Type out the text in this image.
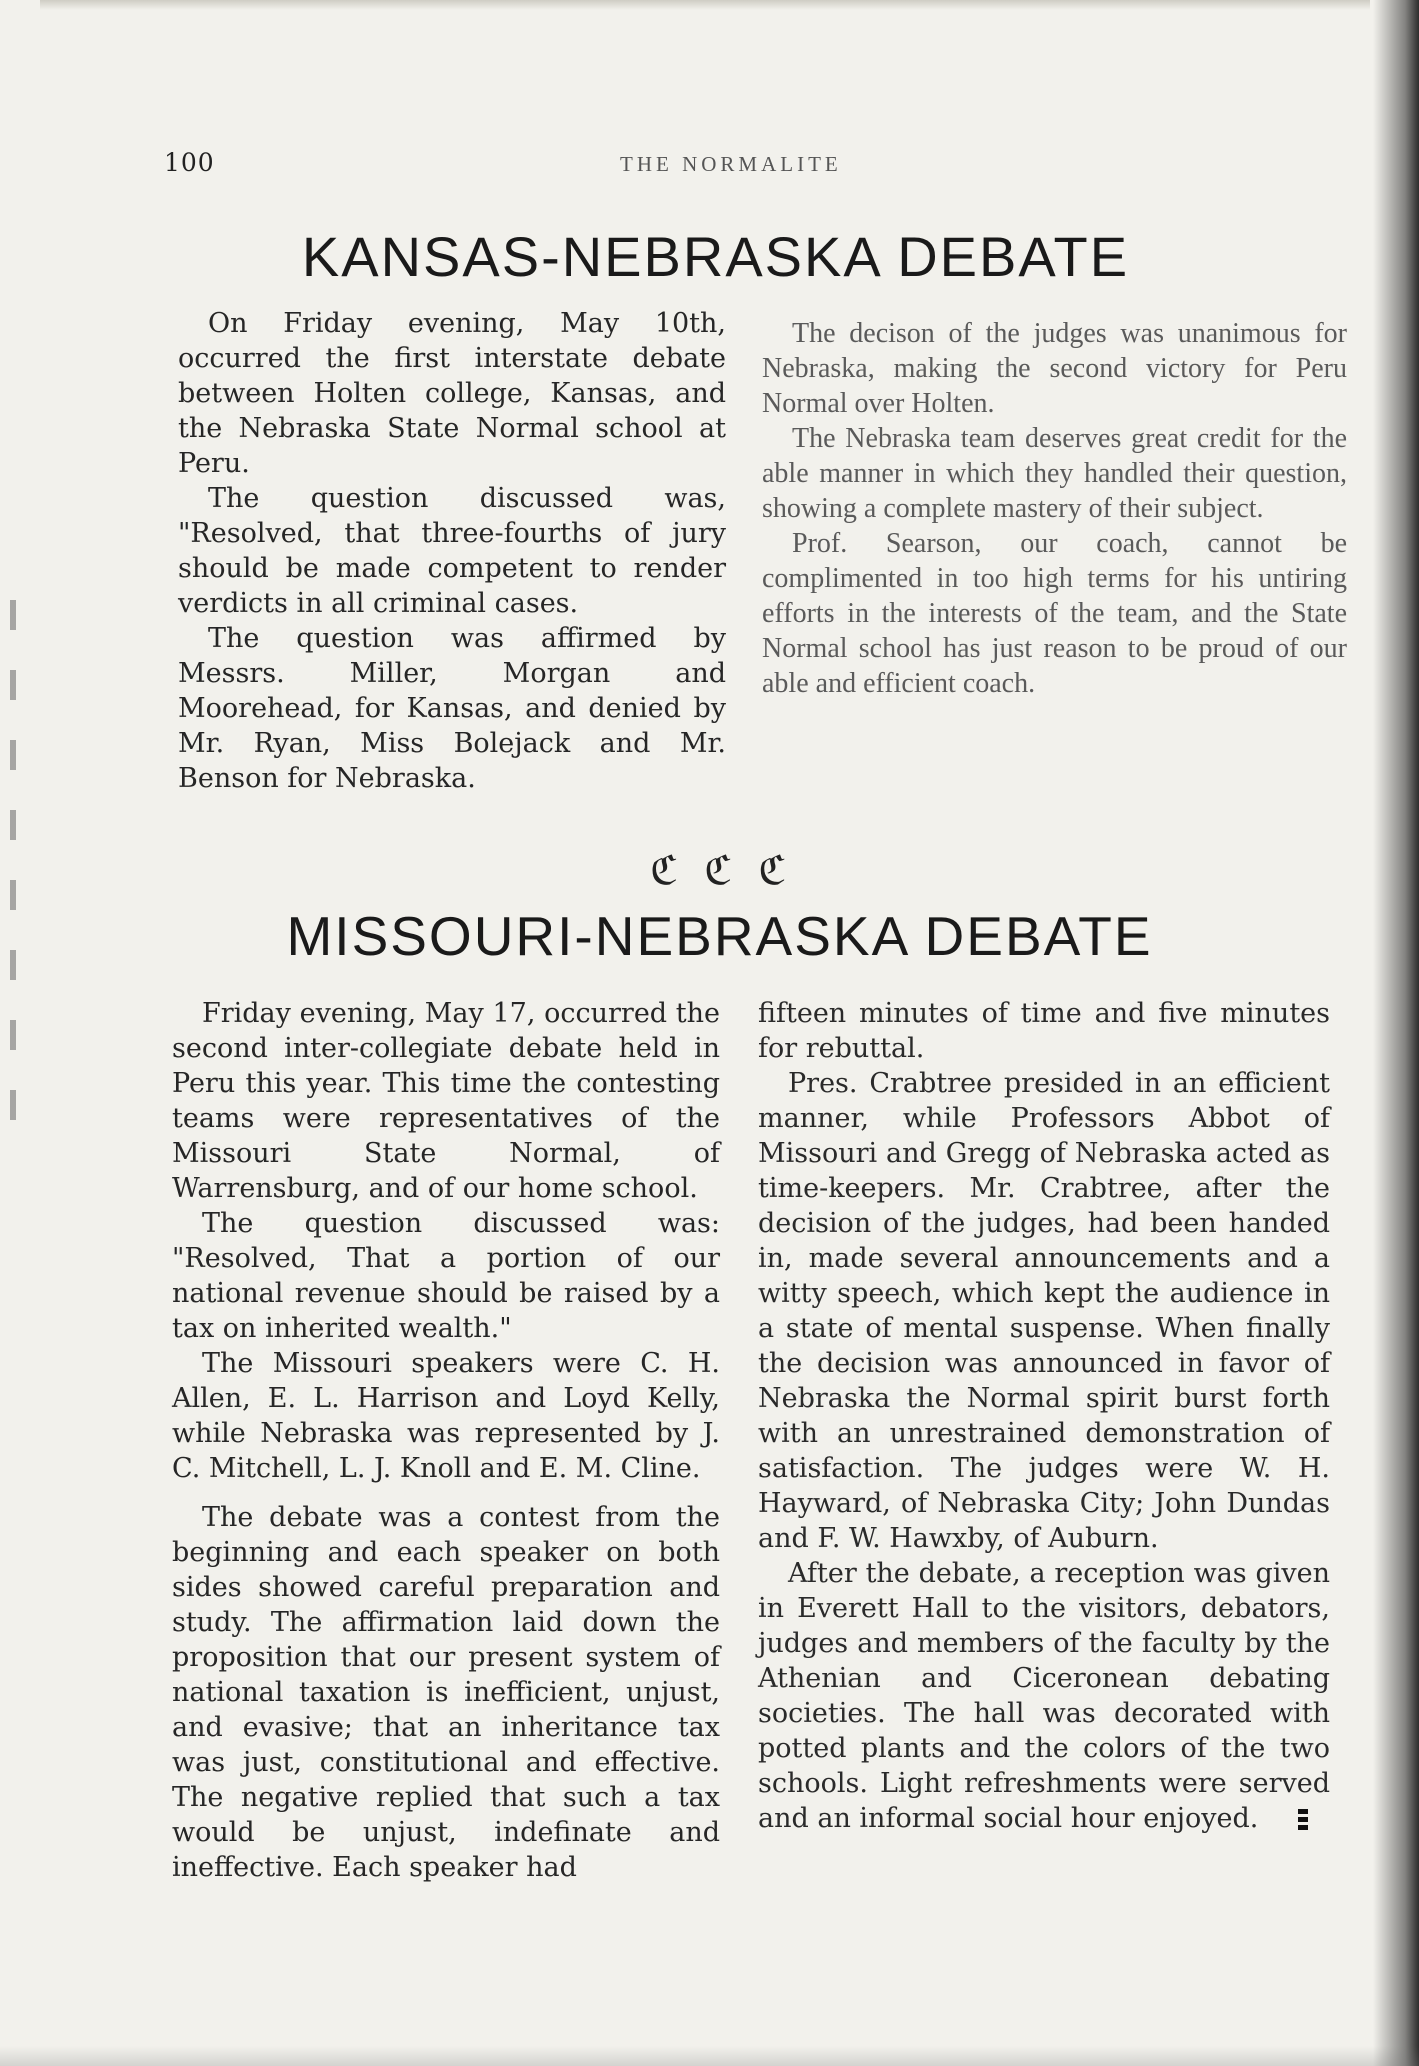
100	THE NORMALITE
KANSAS-NEBRASKA DEBATE

On Friday evening, May 10th, occurred the first interstate debate between Holten college, Kansas, and the Nebraska State Normal school at Peru.

The question discussed was, "Resolved, that three-fourths of jury should be made competent to render verdicts in all criminal cases.

The question was affirmed by Messrs. Miller, Morgan and Moorehead, for Kansas, and denied by Mr. Ryan, Miss Bolejack and Mr. Benson for Nebraska.

The decison of the judges was unanimous for Nebraska, making the second victory for Peru Normal over Holten.

The Nebraska team deserves great credit for the able manner in which they handled their question, showing a complete mastery of their subject.

Prof. Searson, our coach, cannot be complimented in too high terms for his untiring efforts in the interests of the team, and the State Normal school has just reason to be proud of our able and efficient coach.

ℭℭℭ
MISSOURI-NEBRASKA DEBATE

Friday evening, May 17, occurred the second inter-collegiate debate held in Peru this year. This time the contesting teams were representatives of the Missouri State Normal, of Warrensburg, and of our home school.

The question discussed was: "Resolved, That a portion of our national revenue should be raised by a tax on inherited wealth."

The Missouri speakers were C. H. Allen, E. L. Harrison and Loyd Kelly, while Nebraska was represented by J. C. Mitchell, L. J. Knoll and E. M. Cline.

The debate was a contest from the beginning and each speaker on both sides showed careful preparation and study. The affirmation laid down the proposition that our present system of national taxation is inefficient, unjust, and evasive; that an inheritance tax was just, constitutional and effective. The negative replied that such a tax would be unjust, indefinate and ineffective. Each speaker had

fifteen minutes of time and five minutes for rebuttal.

Pres. Crabtree presided in an efficient manner, while Professors Abbot of Missouri and Gregg of Nebraska acted as time-keepers. Mr. Crabtree, after the decision of the judges, had been handed in, made several announcements and a witty speech, which kept the audience in a state of mental suspense. When finally the decision was announced in favor of Nebraska the Normal spirit burst forth with an unrestrained demonstration of satisfaction. The judges were W. H. Hayward, of Nebraska City; John Dundas and F. W. Hawxby, of Auburn.

After the debate, a reception was given in Everett Hall to the visitors, debators, judges and members of the faculty by the Athenian and Ciceronean debating societies. The hall was decorated with potted plants and the colors of the two schools. Light refreshments were served and an informal social hour enjoyed.
